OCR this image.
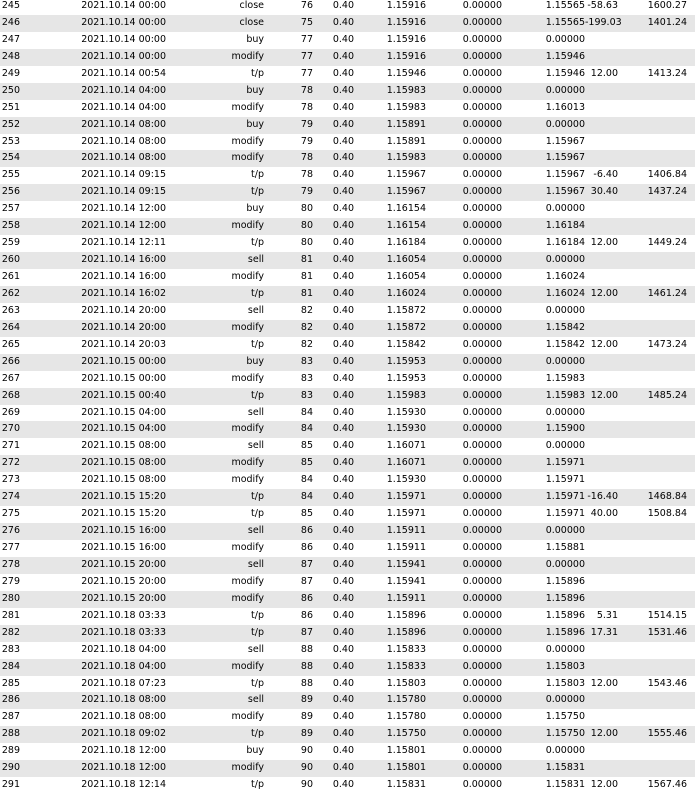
245	2021.10.14 00:00	close	76	0.40	1.15916	0.00000	1.15565 -58.63	1600.27
246	2021.10.14 00:00	close	75	0.40	1.15916	0.00000	1.15565 -199.03	1401.24
247	2021.10.14 00:00	buy	77	0.40	1.15916	0.00000	0.00000
248	2021.10.14 00:00	modify	77	0.40	1.15916	0.00000	1.15946
249	2021.10.14 00:54	t/p	77	0.40	1.15946	0.00000	1.15946 12.00	1413.24
250	2021.10.14 04:00	buy	78	0.40	1.15983	0.00000	0.00000
251	2021.10.14 04:00	modify	78	0.40	1.15983	0.00000	1.16013
252	2021.10.14 08:00	buy	79	0.40	1.15891	0.00000	0.00000
253	2021.10.14 08:00	modify	79	0.40	1.15891	0.00000	1.15967
254	2021.10.14 08:00	modify	78	0.40	1.15983	0.00000	1.15967
255	2021.10.14 09:15	t/p	78	0.40	1.15967	0.00000	1.15967 -6.40	1406.84
256	2021.10.14 09:15	t/p	79	0.40	1.15967	0.00000	1.15967 30.40	1437.24
257	2021.10.14 12:00	buy	80	0.40	1.16154	0.00000	0.00000
258	2021.10.14 12:00	modify	80	0.40	1.16154	0.00000	1.16184
259	2021.10.14 12:11	t/p	80	0.40	1.16184	0.00000	1.16184 12.00	1449.24
260	2021.10.14 16:00	sell	81	0.40	1.16054	0.00000	0.00000
261	2021.10.14 16:00	modify	81	0.40	1.16054	0.00000	1.16024
262	2021.10.14 16:02	t/p	81	0.40	1.16024	0.00000	1.16024 12.00	1461.24
263	2021.10.14 20:00	sell	82	0.40	1.15872	0.00000	0.00000
264	2021.10.14 20:00	modify	82	0.40	1.15872	0.00000	1.15842
265	2021.10.14 20:03	t/p	82	0.40	1.15842	0.00000	1.15842 12.00	1473.24
266	2021.10.15 00:00	buy	83	0.40	1.15953	0.00000	0.00000
267	2021.10.15 00:00	modify	83	0.40	1.15953	0.00000	1.15983
268	2021.10.15 00:40	t/p	83	0.40	1.15983	0.00000	1.15983 12.00	1485.24
269	2021.10.15 04:00	sell	84	0.40	1.15930	0.00000	0.00000
270	2021.10.15 04:00	modify	84	0.40	1.15930	0.00000	1.15900
271	2021.10.15 08:00	sell	85	0.40	1.16071	0.00000	0.00000
272	2021.10.15 08:00	modify	85	0.40	1.16071	0.00000	1.15971
273	2021.10.15 08:00	modify	84	0.40	1.15930	0.00000	1.15971
274	2021.10.15 15:20	t/p	84	0.40	1.15971	0.00000	1.15971 -16.40	1468.84
275	2021.10.15 15:20	t/p	85	0.40	1.15971	0.00000	1.15971 40.00	1508.84
276	2021.10.15 16:00	sell	86	0.40	1.15911	0.00000	0.00000
277	2021.10.15 16:00	modify	86	0.40	1.15911	0.00000	1.15881
278	2021.10.15 20:00	sell	87	0.40	1.15941	0.00000	0.00000
279	2021.10.15 20:00	modify	87	0.40	1.15941	0.00000	1.15896
280	2021.10.15 20:00	modify	86	0.40	1.15911	0.00000	1.15896
281	2021.10.18 03:33	t/p	86	0.40	1.15896	0.00000	1.15896	5.31	1514.15
282	2021.10.18 03:33	t/p	87	0.40	1.15896	0.00000	1.15896 17.31	1531.46
283	2021.10.18 04:00	sell	88	0.40	1.15833	0.00000	0.00000
284	2021.10.18 04:00	modify	88	0.40	1.15833	0.00000	1.15803
285	2021.10.18 07:23	t/p	88	0.40	1.15803	0.00000	1.15803 12.00	1543.46
286	2021.10.18 08:00	sell	89	0.40	1.15780	0.00000	0.00000
287	2021.10.18 08:00	modify	89	0.40	1.15780	0.00000	1.15750
288	2021.10.18 09:02	t/p	89	0.40	1.15750	0.00000	1.15750 12.00	1555.46
289	2021.10.18 12:00	buy	90	0.40	1.15801	0.00000	0.00000
290	2021.10.18 12:00	modify	90	0.40	1.15801	0.00000	1.15831
291	2021.10.18 12:14	t/p	90	0.40	1.15831	0.00000	1.15831 12.00	1567.46
